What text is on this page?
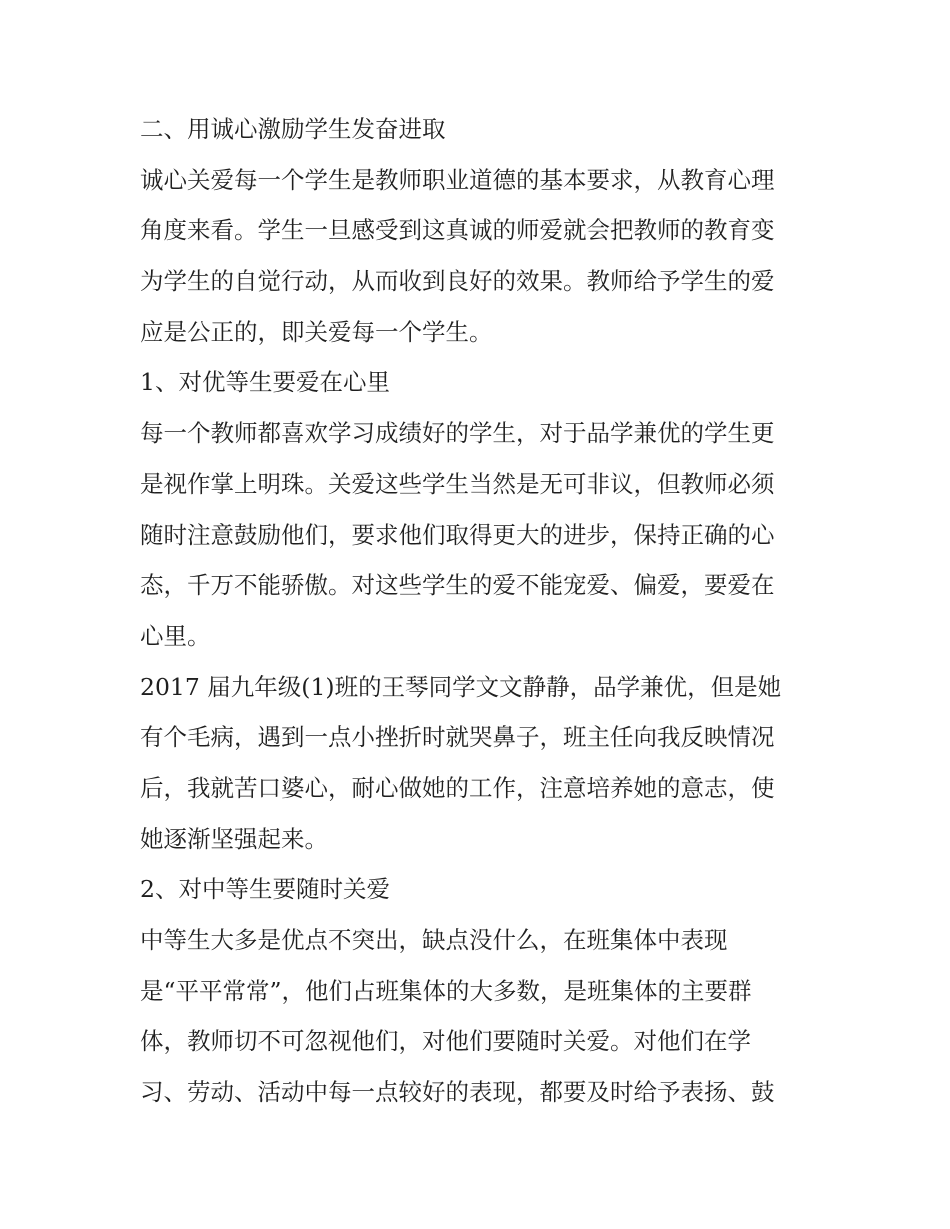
二、用诚心激励学生发奋进取
诚心关爱每一个学生是教师职业道德的基本要求，从教育心理
角度来看。学生一旦感受到这真诚的师爱就会把教师的教育变
为学生的自觉行动，从而收到良好的效果。教师给予学生的爱
应是公正的，即关爱每一个学生。
1、对优等生要爱在心里
每一个教师都喜欢学习成绩好的学生，对于品学兼优的学生更
是视作掌上明珠。关爱这些学生当然是无可非议，但教师必须
随时注意鼓励他们，要求他们取得更大的进步，保持正确的心
态，千万不能骄傲。对这些学生的爱不能宠爱、偏爱，要爱在
心里。
2017 届九年级(1)班的王琴同学文文静静，品学兼优，但是她
有个毛病，遇到一点小挫折时就哭鼻子，班主任向我反映情况
后，我就苦口婆心，耐心做她的工作，注意培养她的意志，使
她逐渐坚强起来。
2、对中等生要随时关爱
中等生大多是优点不突出，缺点没什么，在班集体中表现
是“平平常常”，他们占班集体的大多数，是班集体的主要群
体，教师切不可忽视他们，对他们要随时关爱。对他们在学
习、劳动、活动中每一点较好的表现，都要及时给予表扬、鼓
